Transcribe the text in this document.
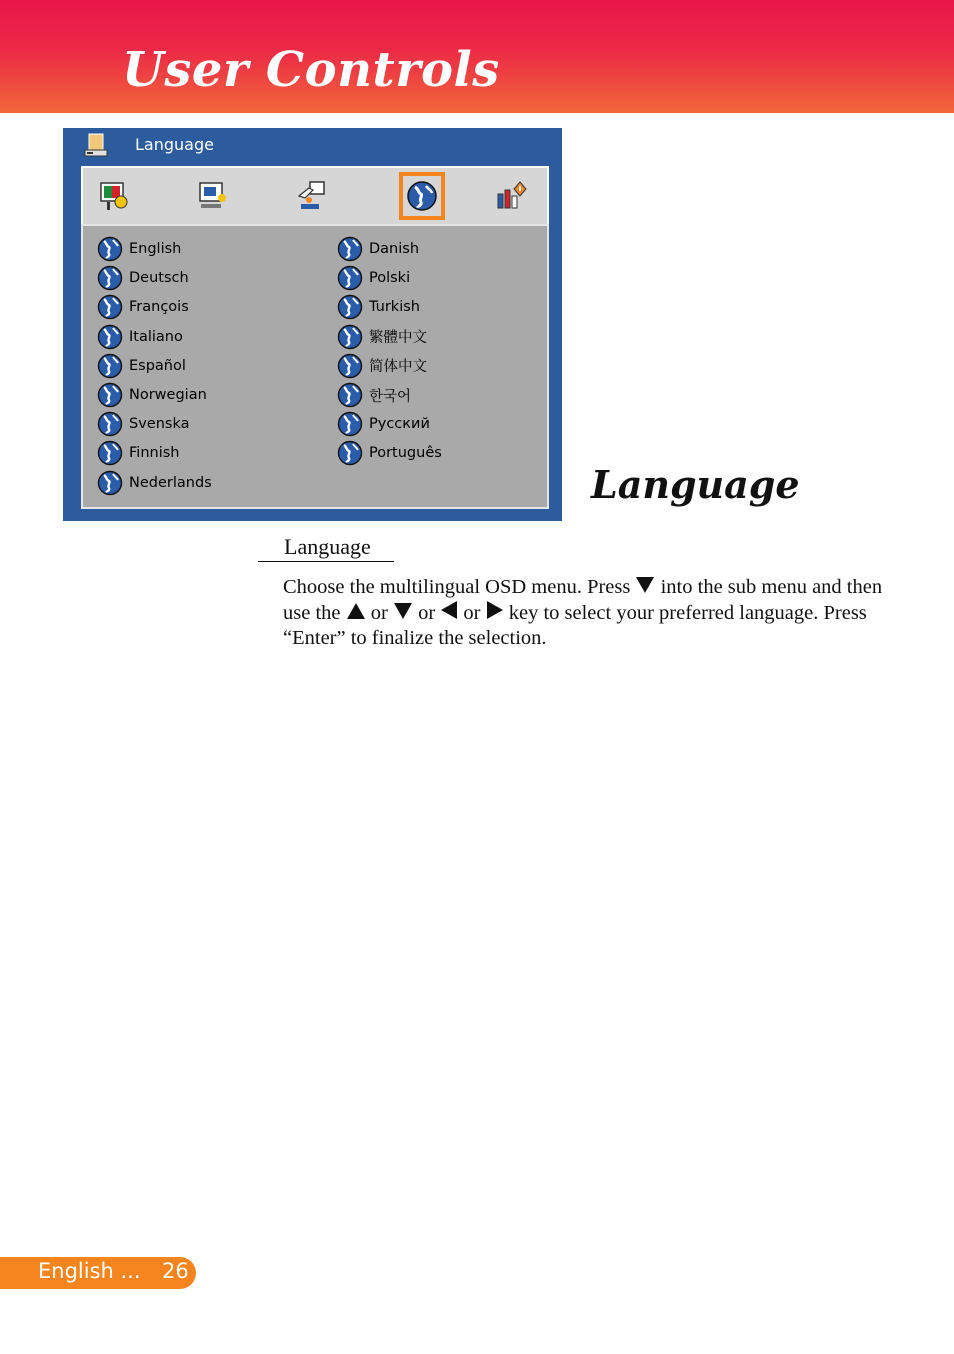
User Controls
Language
English
Deutsch
François
Italiano
Español
Norwegian
Svenska
Finnish
Nederlands
Danish
Polski
Turkish
繁體中文
简体中文
한국어
Русский
Português
Language
Language
Choose the multilingual OSD menu. Press into the sub menu and then use the or or or key to select your preferred language. Press “Enter” to finalize the selection.
English ... 26
